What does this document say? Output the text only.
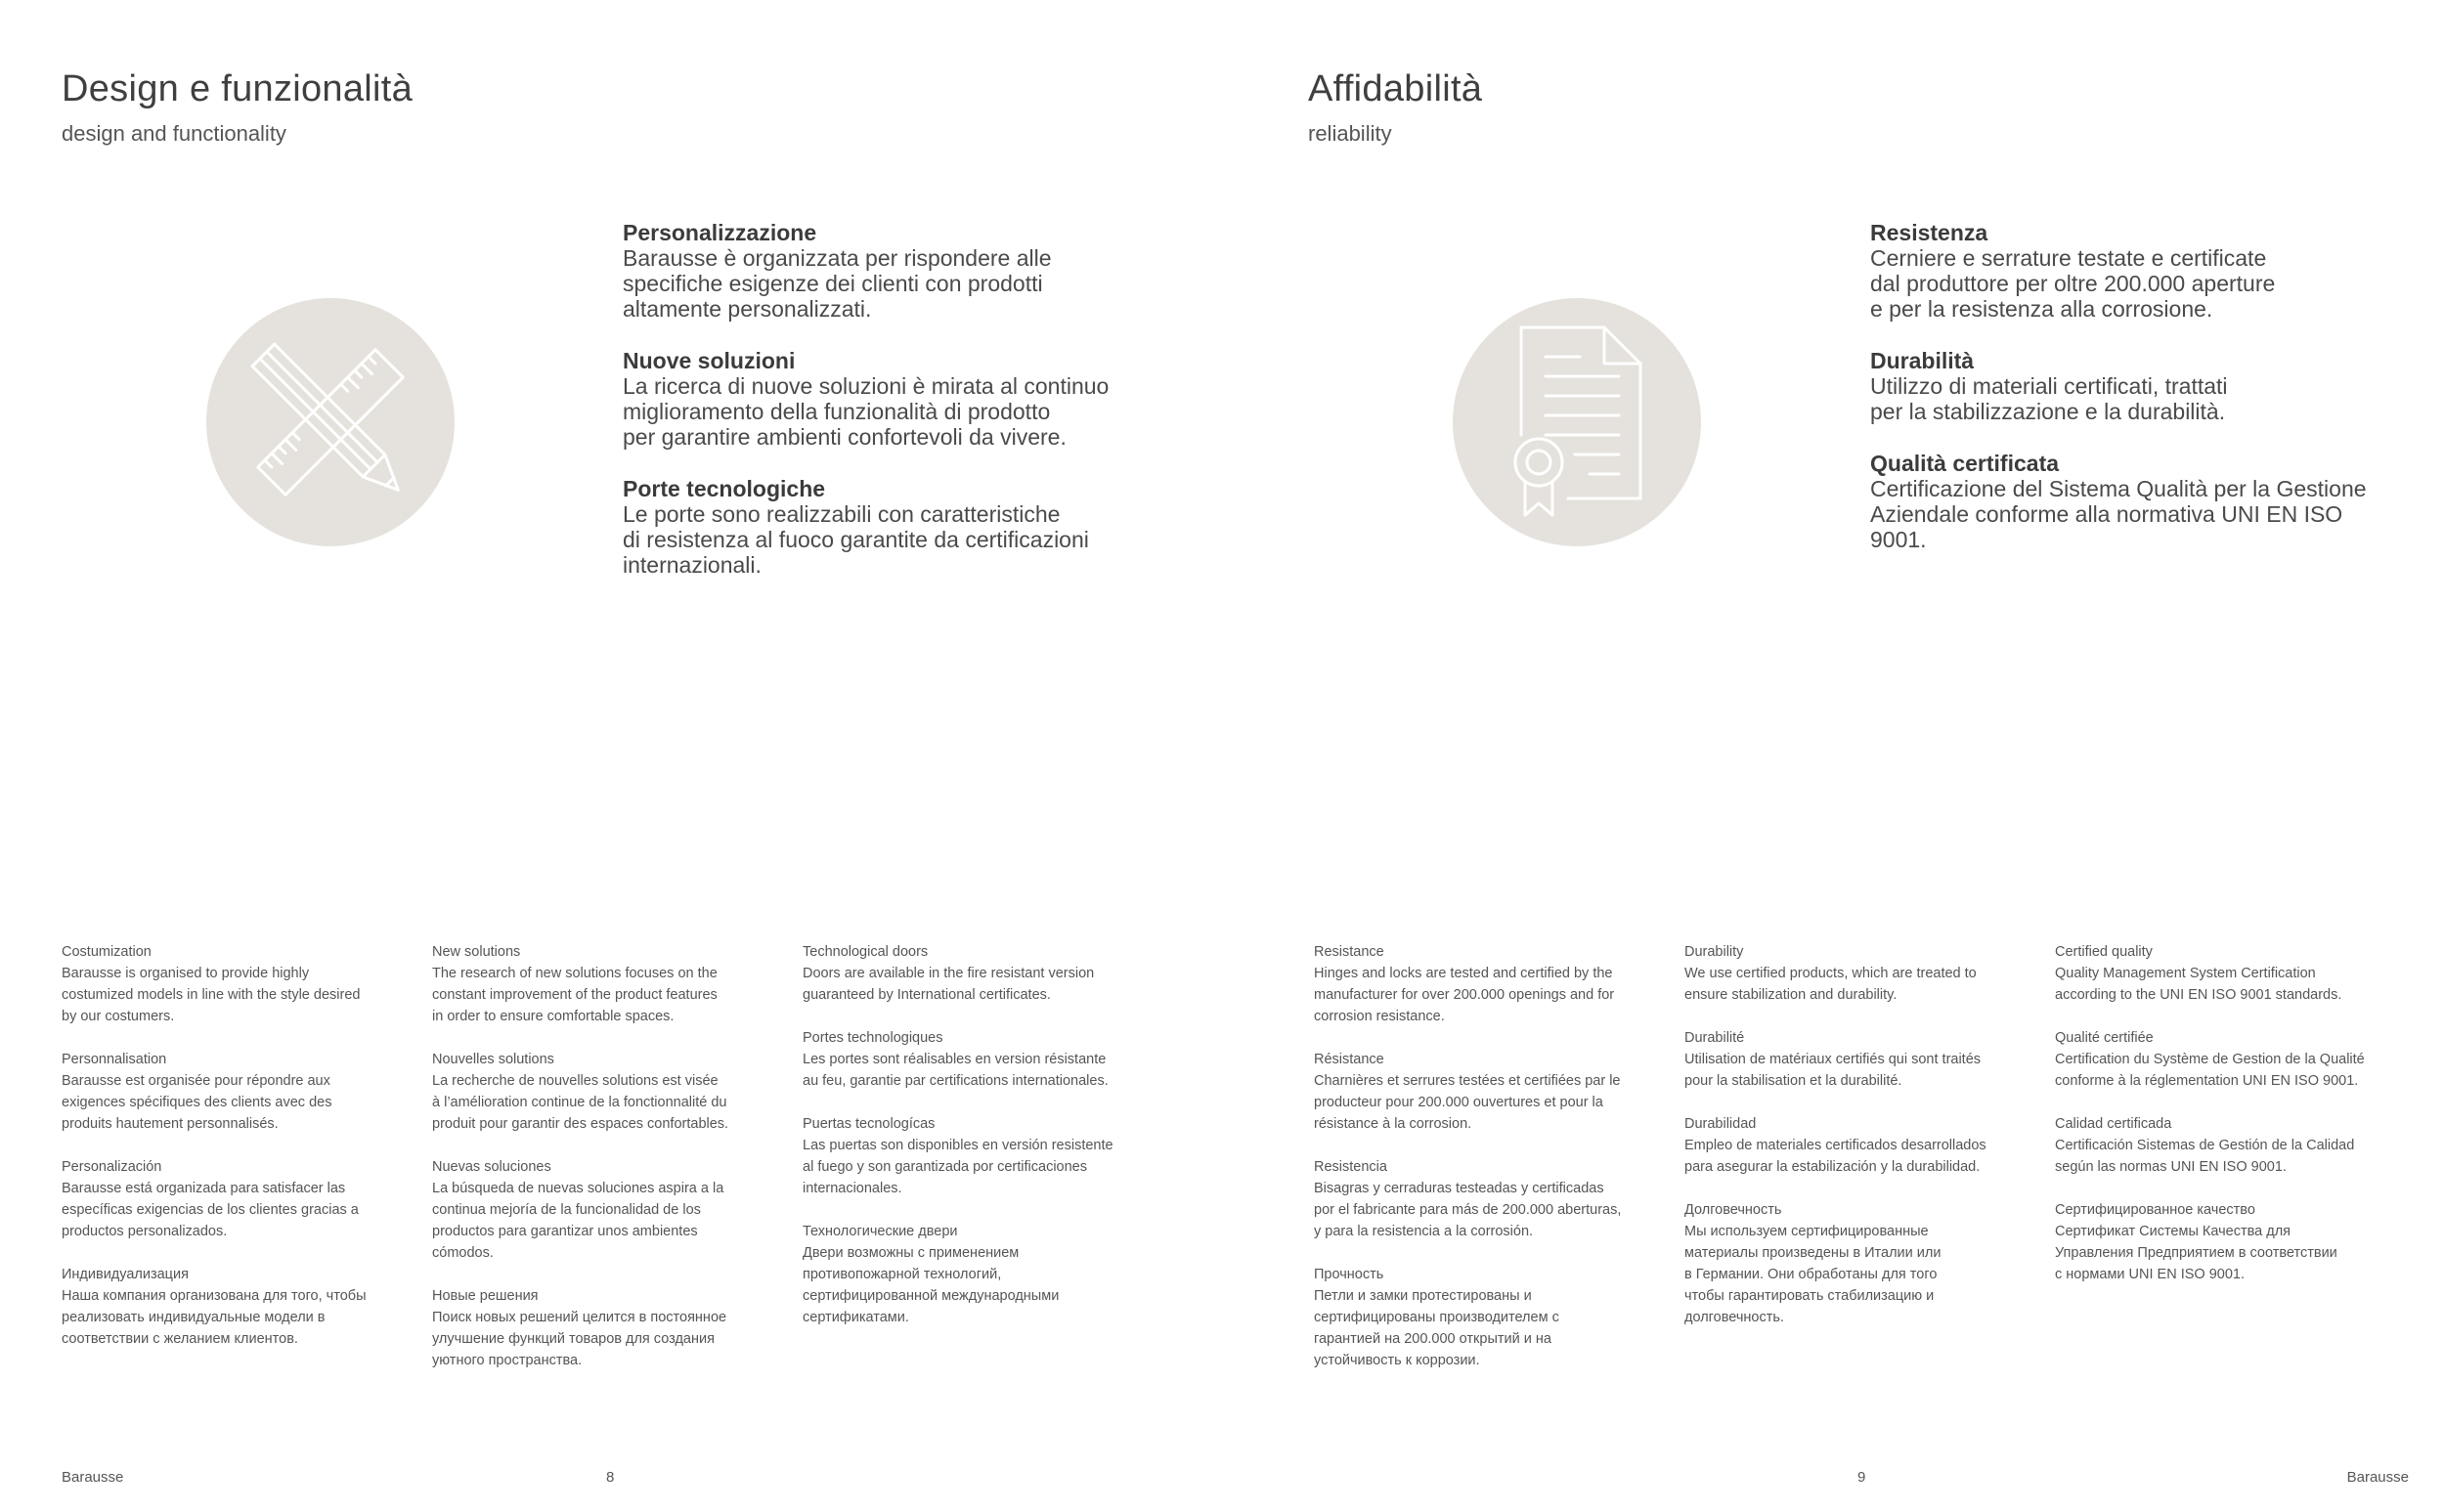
Design e funzionalità
design and functionality
Personalizzazione
Barausse è organizzata per rispondere alle
specifiche esigenze dei clienti con prodotti
altamente personalizzati.
Nuove soluzioni
La ricerca di nuove soluzioni è mirata al continuo
miglioramento della funzionalità di prodotto
per garantire ambienti confortevoli da vivere.
Porte tecnologiche
Le porte sono realizzabili con caratteristiche
di resistenza al fuoco garantite da certificazioni
internazionali.
Costumization
Barausse is organised to provide highly
costumized models in line with the style desired
by our costumers.
Personnalisation
Barausse est organisée pour répondre aux
exigences spécifiques des clients avec des
produits hautement personnalisés.
Personalización
Barausse está organizada para satisfacer las
específicas exigencias de los clientes gracias a
productos personalizados.
Индивидуализация
Наша компания организована для того, чтобы
реализовать индивидуальные модели в
соответствии с желанием клиентов.
New solutions
The research of new solutions focuses on the
constant improvement of the product features
in order to ensure comfortable spaces.
Nouvelles solutions
La recherche de nouvelles solutions est visée
à l’amélioration continue de la fonctionnalité du
produit pour garantir des espaces confortables.
Nuevas soluciones
La búsqueda de nuevas soluciones aspira a la
continua mejoría de la funcionalidad de los
productos para garantizar unos ambientes
cómodos.
Новые решения
Поиск новых решений целится в постоянное
улучшение функций товаров для создания
уютного пространства.
Technological doors
Doors are available in the fire resistant version
guaranteed by International certificates.
Portes technologiques
Les portes sont réalisables en version résistante
au feu, garantie par certifications internationales.
Puertas tecnologícas
Las puertas son disponibles en versión resistente
al fuego y son garantizada por certificaciones
internacionales.
Технологические двери
Двери возможны с применением
противопожарной технологий,
сертифицированной международными
сертификатами.
Barausse	8
Affidabilità
reliability
Resistenza
Cerniere e serrature testate e certificate
dal produttore per oltre 200.000 aperture
e per la resistenza alla corrosione.
Durabilità
Utilizzo di materiali certificati, trattati
per la stabilizzazione e la durabilità.
Qualità certificata
Certificazione del Sistema Qualità per la Gestione
Aziendale conforme alla normativa UNI EN ISO
9001.
Resistance
Hinges and locks are tested and certified by the
manufacturer for over 200.000 openings and for
corrosion resistance.
Résistance
Charnières et serrures testées et certifiées par le
producteur pour 200.000 ouvertures et pour la
résistance à la corrosion.
Resistencia
Bisagras y cerraduras testeadas y certificadas
por el fabricante para más de 200.000 aberturas,
y para la resistencia a la corrosión.
Прочность
Петли и замки протестированы и
сертифицированы производителем с
гарантией на 200.000 открытий и на
устойчивость к коррозии.
Durability
We use certified products, which are treated to
ensure stabilization and durability.
Durabilité
Utilisation de matériaux certifiés qui sont traités
pour la stabilisation et la durabilité.
Durabilidad
Empleo de materiales certificados desarrollados
para asegurar la estabilización y la durabilidad.
Долговечность
Мы используем сертифицированные
материалы произведены в Италии или
в Германии. Они обработаны для того
чтобы гарантировать стабилизацию и
долговечность.
Certified quality
Quality Management System Certification
according to the UNI EN ISO 9001 standards.
Qualité certifiée
Certification du Système de Gestion de la Qualité
conforme à la réglementation UNI EN ISO 9001.
Calidad certificada
Certificación Sistemas de Gestión de la Calidad
según las normas UNI EN ISO 9001.
Сертифицированное качество
Сертификат Системы Качества для
Управления Предприятием в соответствии
с нормами UNI EN ISO 9001.
9	Barausse
